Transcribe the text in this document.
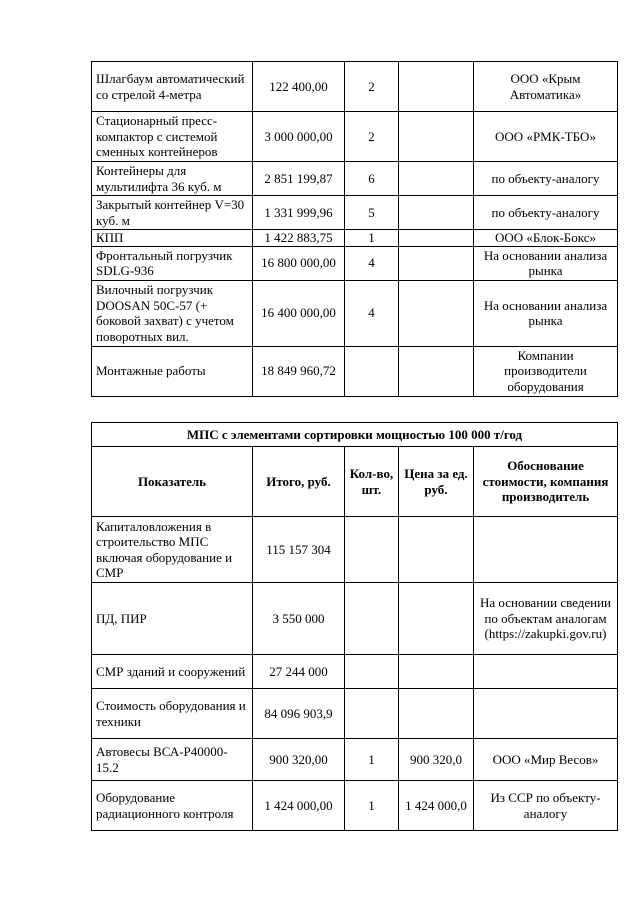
Шлагбаум автоматический со стрелой 4-метра	122 400,00	2		ООО «Крым Автоматика»
Стационарный пресс-компактор с системой сменных контейнеров	3 000 000,00	2		ООО «РМК-ТБО»
Контейнеры для мультилифта 36 куб. м	2 851 199,87	6		по объекту-аналогу
Закрытый контейнер V=30 куб. м	1 331 999,96	5		по объекту-аналогу
КПП	1 422 883,75	1		ООО «Блок-Бокс»
Фронтальный погрузчик SDLG-936	16 800 000,00	4		На основании анализа рынка
Вилочный погрузчик DOOSAN 50C-57 (+ боковой захват) с учетом поворотных вил.	16 400 000,00	4		На основании анализа рынка
Монтажные работы	18 849 960,72			Компании производители оборудования
МПС с элементами сортировки мощностью 100 000 т/год				
Показатель	Итого, руб.	Кол-во, шт.	Цена за ед. руб.	Обоснование стоимости, компания производитель
Капиталовложения в строительство МПС включая оборудование и СМР	115 157 304			
ПД, ПИР	3 550 000			На основании сведении по объектам аналогам (https://zakupki.gov.ru)
СМР зданий и сооружений	27 244 000			
Стоимость оборудования и техники	84 096 903,9			
Автовесы ВСА-Р40000-15.2	900 320,00	1	900 320,0	ООО «Мир Весов»
Оборудование радиационного контроля	1 424 000,00	1	1 424 000,0	Из ССР по объекту-аналогу
